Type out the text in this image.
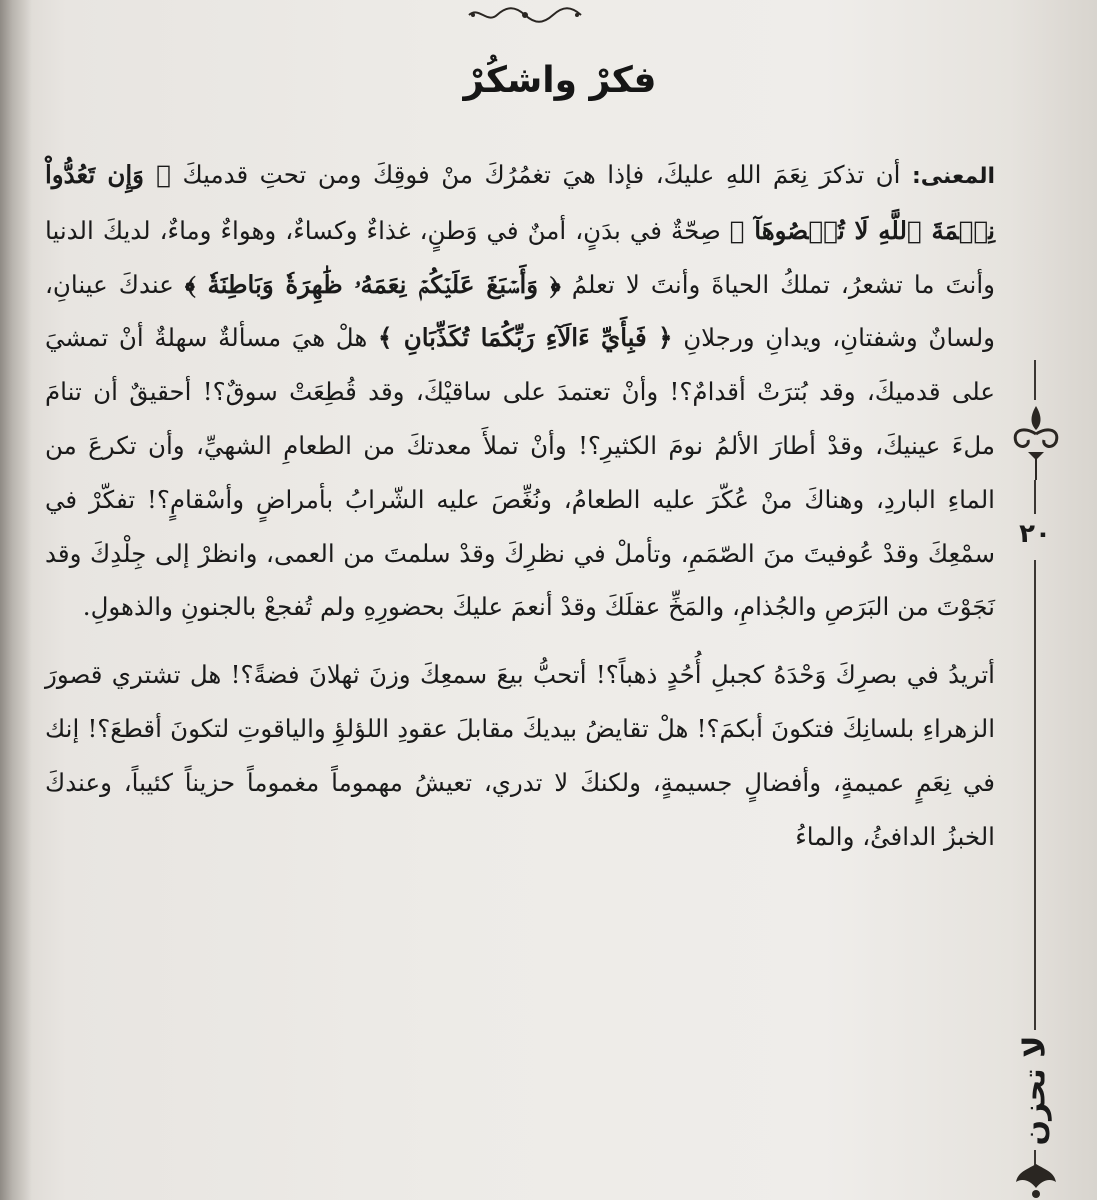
فكرْ واشكُرْ

المعنى: أن تذكرَ نِعَمَ اللهِ عليكَ، فإذا هيَ تغمُرُكَ منْ فوقِكَ ومن تحتِ قدميكَ ﴿ وَإِن تَعُدُّواْ نِعۡمَةَ ٱللَّهِ لَا تُحۡصُوهَآ ﴾ صِحّةٌ في بدَنٍ، أمنٌ في وَطنٍ، غذاءٌ وكساءٌ، وهواءٌ وماءٌ، لديكَ الدنيا وأنتَ ما تشعرُ، تملكُ الحياةَ وأنتَ لا تعلمُ ﴿ وَأَسۡبَغَ عَلَيۡكُمۡ نِعَمَهُۥ ظَٰهِرَةٗ وَبَاطِنَةٗ ﴾ عندكَ عينانِ، ولسانٌ وشفتانِ، ويدانِ ورجلانِ ﴿ فَبِأَيِّ ءَالَآءِ رَبِّكُمَا تُكَذِّبَانِ ﴾ هلْ هيَ مسألةٌ سهلةٌ أنْ تمشيَ على قدميكَ، وقد بُترَتْ أقدامٌ؟! وأنْ تعتمدَ على ساقيْكَ، وقد قُطِعَتْ سوقٌ؟! أحقيقٌ أن تنامَ ملءَ عينيكَ، وقدْ أطارَ الألمُ نومَ الكثيرِ؟! وأنْ تملأَ معدتكَ من الطعامِ الشهيِّ، وأن تكرعَ من الماءِ الباردِ، وهناكَ منْ عُكّرَ عليه الطعامُ، ونُغِّصَ عليه الشّرابُ بأمراضٍ وأسْقامٍ؟! تفكّرْ في سمْعِكَ وقدْ عُوفيتَ منَ الصّمَمِ، وتأملْ في نظرِكَ وقدْ سلمتَ من العمى، وانظرْ إلى جِلْدِكَ وقد نَجَوْتَ من البَرَصِ والجُذامِ، والمَخِّ عقلَكَ وقدْ أنعمَ عليكَ بحضورِهِ ولم تُفجعْ بالجنونِ والذهولِ.

أتريدُ في بصرِكَ وَحْدَهُ كجبلِ أُحُدٍ ذهباً؟! أتحبُّ بيعَ سمعِكَ وزنَ ثهلانَ فضةً؟! هل تشتري قصورَ الزهراءِ بلسانِكَ فتكونَ أبكمَ؟! هلْ تقايضُ بيديكَ مقابلَ عقودِ اللؤلؤِ والياقوتِ لتكونَ أقطعَ؟! إنك في نِعَمٍ عميمةٍ، وأفضالٍ جسيمةٍ، ولكنكَ لا تدري، تعيشُ مهموماً مغموماً حزيناً كئيباً، وعندكَ الخبزُ الدافئُ، والماءُ

٢٠
لا تحزن
